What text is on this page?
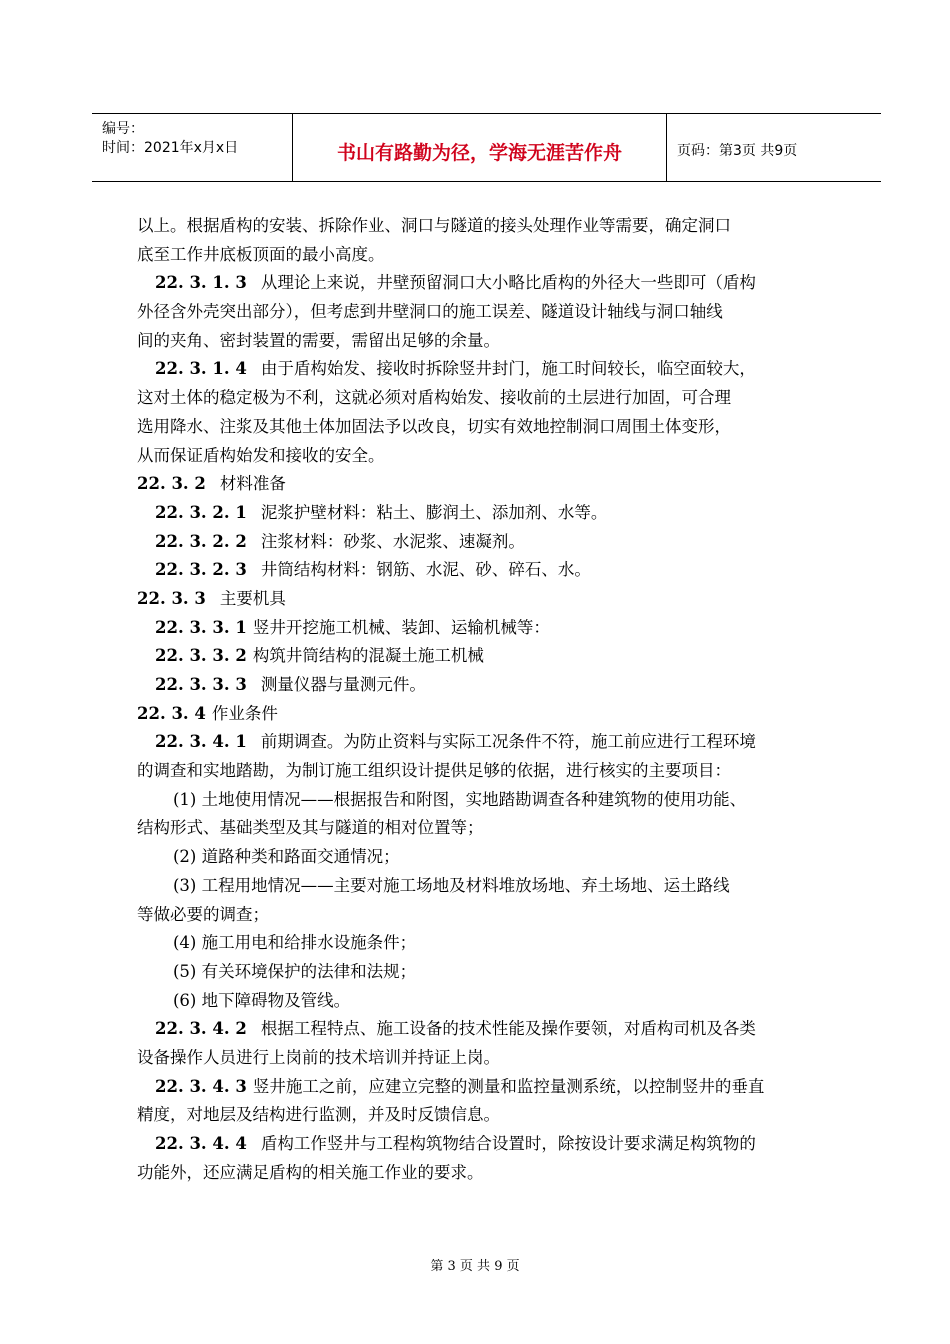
编号：
时间：2021年x月x日	书山有路勤为径，学海无涯苦作舟	页码：第3页 共9页
以上。根据盾构的安装、拆除作业、洞口与隧道的接头处理作业等需要，确定洞口
底至工作井底板顶面的最小高度。
22. 3. 1. 3 从理论上来说，井壁预留洞口大小略比盾构的外径大一些即可（盾构
外径含外壳突出部分），但考虑到井壁洞口的施工误差、隧道设计轴线与洞口轴线
间的夹角、密封装置的需要，需留出足够的余量。
22. 3. 1. 4 由于盾构始发、接收时拆除竖井封门，施工时间较长，临空面较大，
这对土体的稳定极为不利，这就必须对盾构始发、接收前的土层进行加固，可合理
选用降水、注浆及其他土体加固法予以改良，切实有效地控制洞口周围土体变形，
从而保证盾构始发和接收的安全。
22. 3. 2 材料准备
22. 3. 2. 1 泥浆护壁材料：粘土、膨润土、添加剂、水等。
22. 3. 2. 2 注浆材料：砂浆、水泥浆、速凝剂。
22. 3. 2. 3 井筒结构材料：钢筋、水泥、砂、碎石、水。
22. 3. 3 主要机具
22. 3. 3. 1 竖井开挖施工机械、装卸、运输机械等：
22. 3. 3. 2 构筑井筒结构的混凝土施工机械
22. 3. 3. 3 测量仪器与量测元件。
22. 3. 4 作业条件
22. 3. 4. 1 前期调查。为防止资料与实际工况条件不符，施工前应进行工程环境
的调查和实地踏勘，为制订施工组织设计提供足够的依据，进行核实的主要项目：
(1) 土地使用情况——根据报告和附图，实地踏勘调查各种建筑物的使用功能、
结构形式、基础类型及其与隧道的相对位置等；
(2) 道路种类和路面交通情况；
(3) 工程用地情况——主要对施工场地及材料堆放场地、弃土场地、运土路线
等做必要的调查；
(4) 施工用电和给排水设施条件；
(5) 有关环境保护的法律和法规；
(6) 地下障碍物及管线。
22. 3. 4. 2 根据工程特点、施工设备的技术性能及操作要领，对盾构司机及各类
设备操作人员进行上岗前的技术培训并持证上岗。
22. 3. 4. 3 竖井施工之前，应建立完整的测量和监控量测系统，以控制竖井的垂直
精度，对地层及结构进行监测，并及时反馈信息。
22. 3. 4. 4 盾构工作竖井与工程构筑物结合设置时，除按设计要求满足构筑物的
功能外，还应满足盾构的相关施工作业的要求。
第 3 页 共 9 页
